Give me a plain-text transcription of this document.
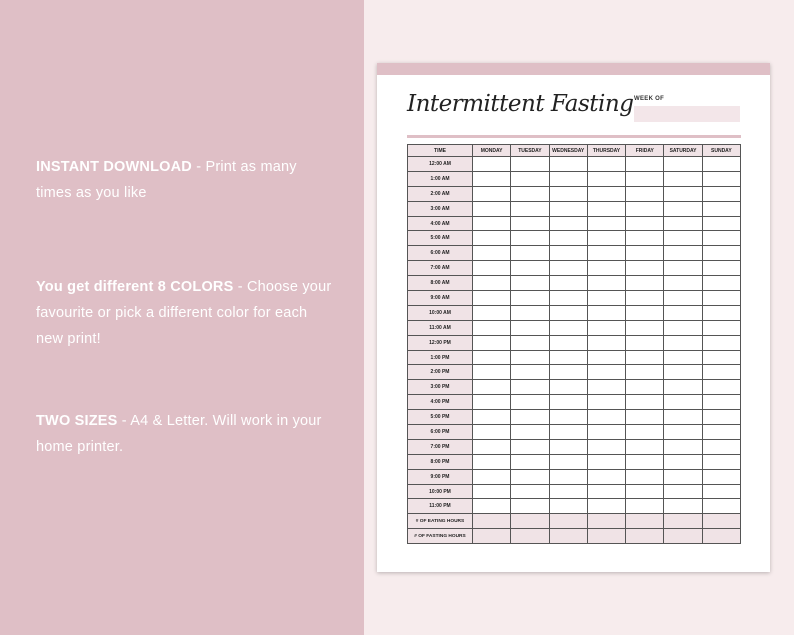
INSTANT DOWNLOAD - Print as many times as you like
You get different 8 COLORS - Choose your favourite or pick a different color for each new print!
TWO SIZES - A4 & Letter. Will work in your home printer.
Intermittent Fasting WEEK OF
TIME	MONDAY	TUESDAY	WEDNESDAY	THURSDAY	FRIDAY	SATURDAY	SUNDAY
12:00 AM							
1:00 AM							
2:00 AM							
3:00 AM							
4:00 AM							
5:00 AM							
6:00 AM							
7:00 AM							
8:00 AM							
9:00 AM							
10:00 AM							
11:00 AM							
12:00 PM							
1:00 PM							
2:00 PM							
3:00 PM							
4:00 PM							
5:00 PM							
6:00 PM							
7:00 PM							
8:00 PM							
9:00 PM							
10:00 PM							
11:00 PM							
# OF EATING HOURS							
# OF FASTING HOURS							
